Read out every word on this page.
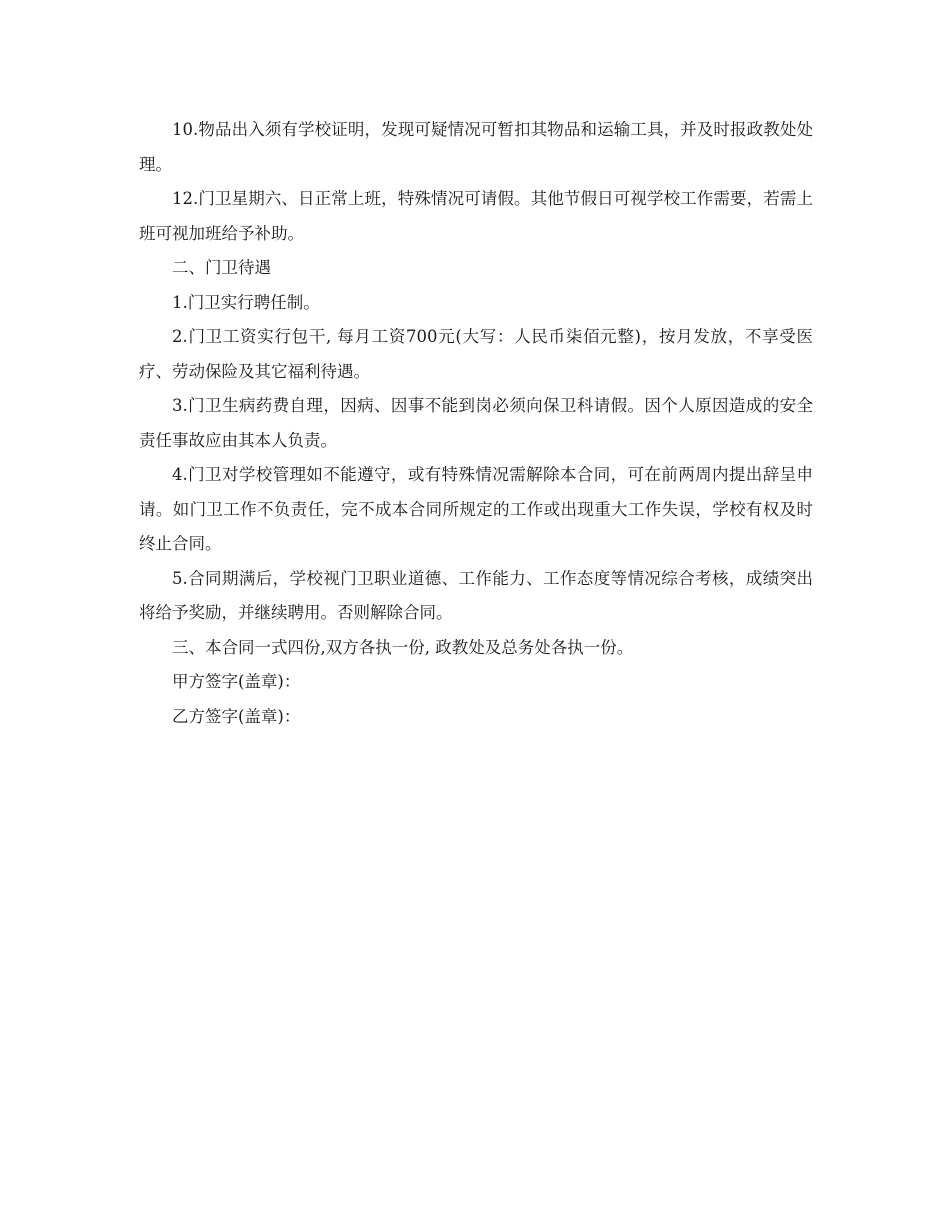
10.物品出入须有学校证明，发现可疑情况可暂扣其物品和运输工具，并及时报政教处处理。

12.门卫星期六、日正常上班，特殊情况可请假。其他节假日可视学校工作需要，若需上班可视加班给予补助。

二、门卫待遇

1.门卫实行聘任制。

2.门卫工资实行包干, 每月工资700元(大写：人民币柒佰元整)，按月发放，不享受医疗、劳动保险及其它福利待遇。

3.门卫生病药费自理，因病、因事不能到岗必须向保卫科请假。因个人原因造成的安全责任事故应由其本人负责。

4.门卫对学校管理如不能遵守，或有特殊情况需解除本合同，可在前两周内提出辞呈申请。如门卫工作不负责任，完不成本合同所规定的工作或出现重大工作失误，学校有权及时终止合同。

5.合同期满后，学校视门卫职业道德、工作能力、工作态度等情况综合考核，成绩突出将给予奖励，并继续聘用。否则解除合同。

三、本合同一式四份,双方各执一份, 政教处及总务处各执一份。

甲方签字(盖章)：

乙方签字(盖章)：
